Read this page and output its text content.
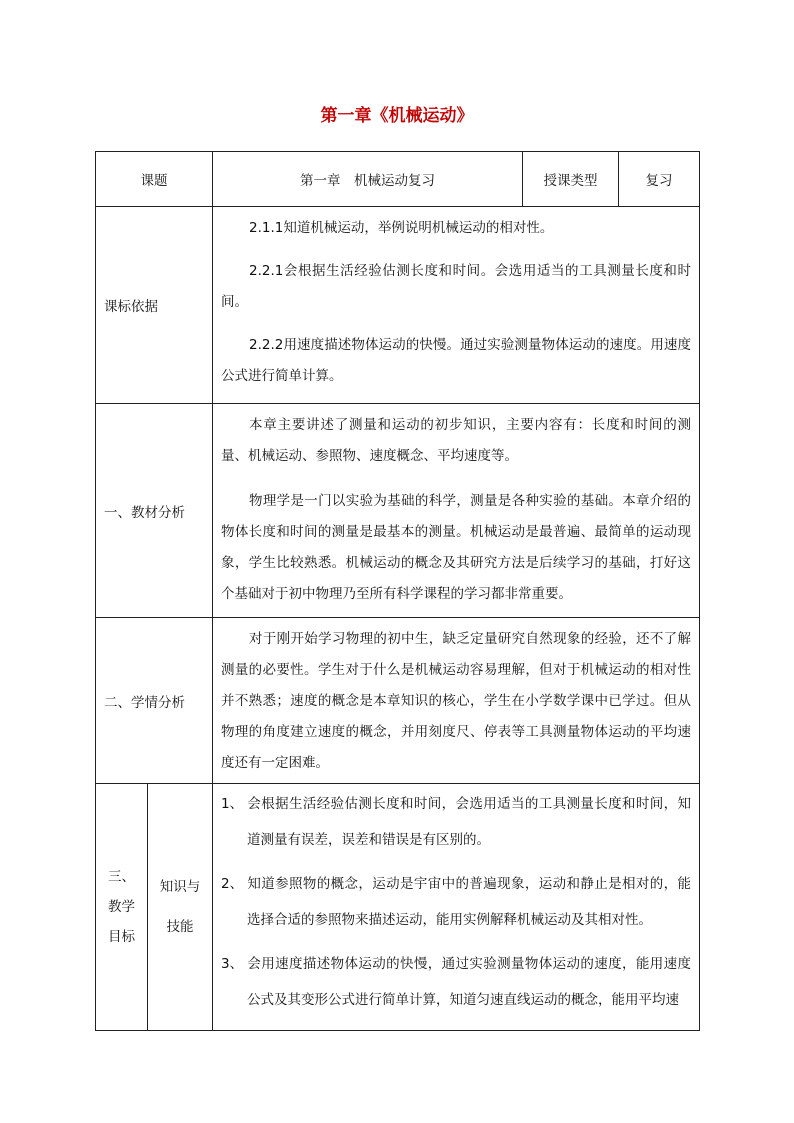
第一章《机械运动》
课题		第一章　机械运动复习	授课类型	复习
课标依据		2.1.1知道机械运动，举例说明机械运动的相对性。

2.2.1会根据生活经验估测长度和时间。会选用适当的工具测量长度和时间。

2.2.2用速度描述物体运动的快慢。通过实验测量物体运动的速度。用速度公式进行简单计算。		

一、教材分析		本章主要讲述了测量和运动的初步知识，主要内容有：长度和时间的测量、机械运动、参照物、速度概念、平均速度等。

物理学是一门以实验为基础的科学，测量是各种实验的基础。本章介绍的物体长度和时间的测量是最基本的测量。机械运动是最普遍、最简单的运动现象，学生比较熟悉。机械运动的概念及其研究方法是后续学习的基础，打好这个基础对于初中物理乃至所有科学课程的学习都非常重要。		

二、学情分析		对于刚开始学习物理的初中生，缺乏定量研究自然现象的经验，还不了解测量的必要性。学生对于什么是机械运动容易理解，但对于机械运动的相对性并不熟悉；速度的概念是本章知识的核心，学生在小学数学课中已学过。但从物理的角度建立速度的概念，并用刻度尺、停表等工具测量物体运动的平均速度还有一定困难。		

三、教学目标	知识与技能	1、 会根据生活经验估测长度和时间，会选用适当的工具测量长度和时间，知道测量有误差，误差和错误是有区别的。

2、 知道参照物的概念，运动是宇宙中的普遍现象，运动和静止是相对的，能选择合适的参照物来描述运动，能用实例解释机械运动及其相对性。

3、 会用速度描述物体运动的快慢，通过实验测量物体运动的速度，能用速度公式及其变形公式进行简单计算，知道匀速直线运动的概念，能用平均速		
